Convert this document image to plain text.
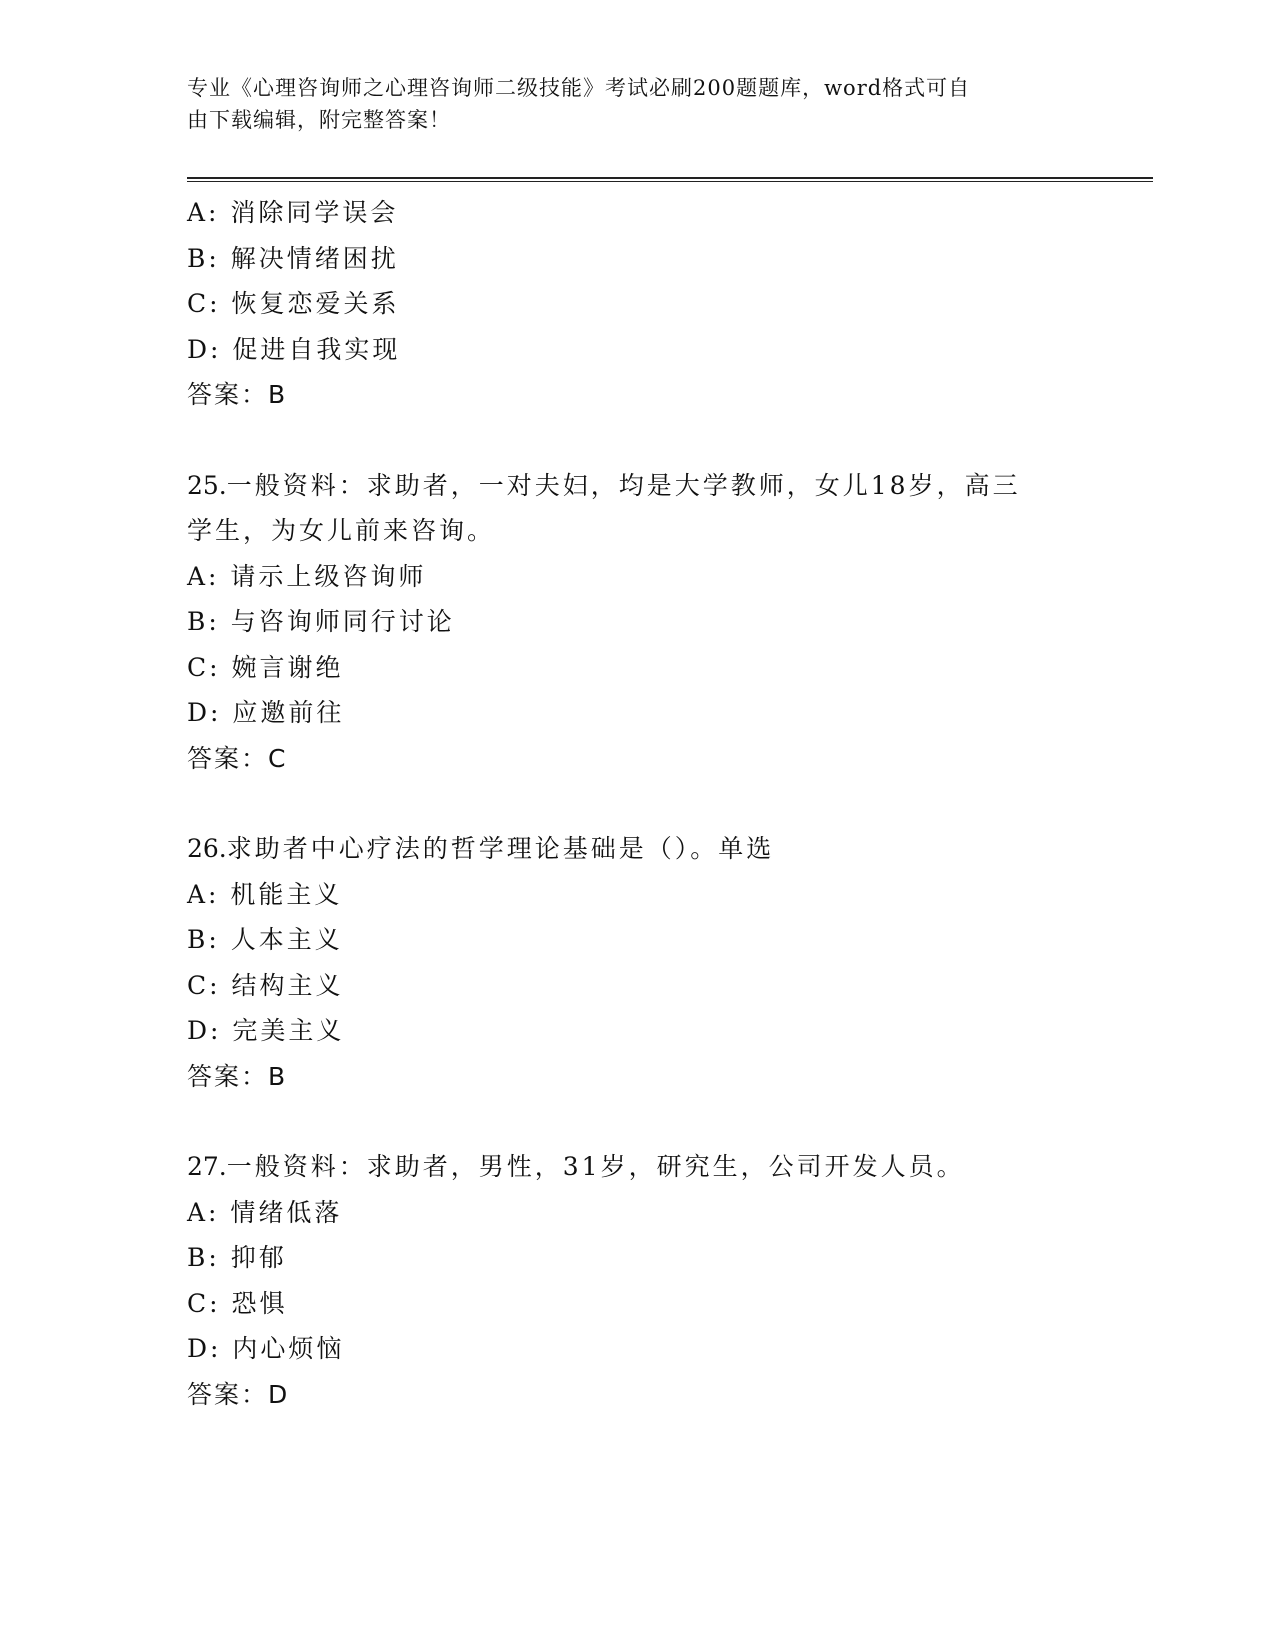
专业《心理咨询师之心理咨询师二级技能》考试必刷200题题库，word格式可自
由下载编辑，附完整答案！
A: 消除同学误会
B: 解决情绪困扰
C: 恢复恋爱关系
D: 促进自我实现
答案：B
25.一般资料：求助者，一对夫妇，均是大学教师，女儿18岁，高三
学生，为女儿前来咨询。
A: 请示上级咨询师
B: 与咨询师同行讨论
C: 婉言谢绝
D: 应邀前往
答案：C
26.求助者中心疗法的哲学理论基础是（）。单选
A: 机能主义
B: 人本主义
C: 结构主义
D: 完美主义
答案：B
27.一般资料：求助者，男性，31岁，研究生，公司开发人员。
A: 情绪低落
B: 抑郁
C: 恐惧
D: 内心烦恼
答案：D
